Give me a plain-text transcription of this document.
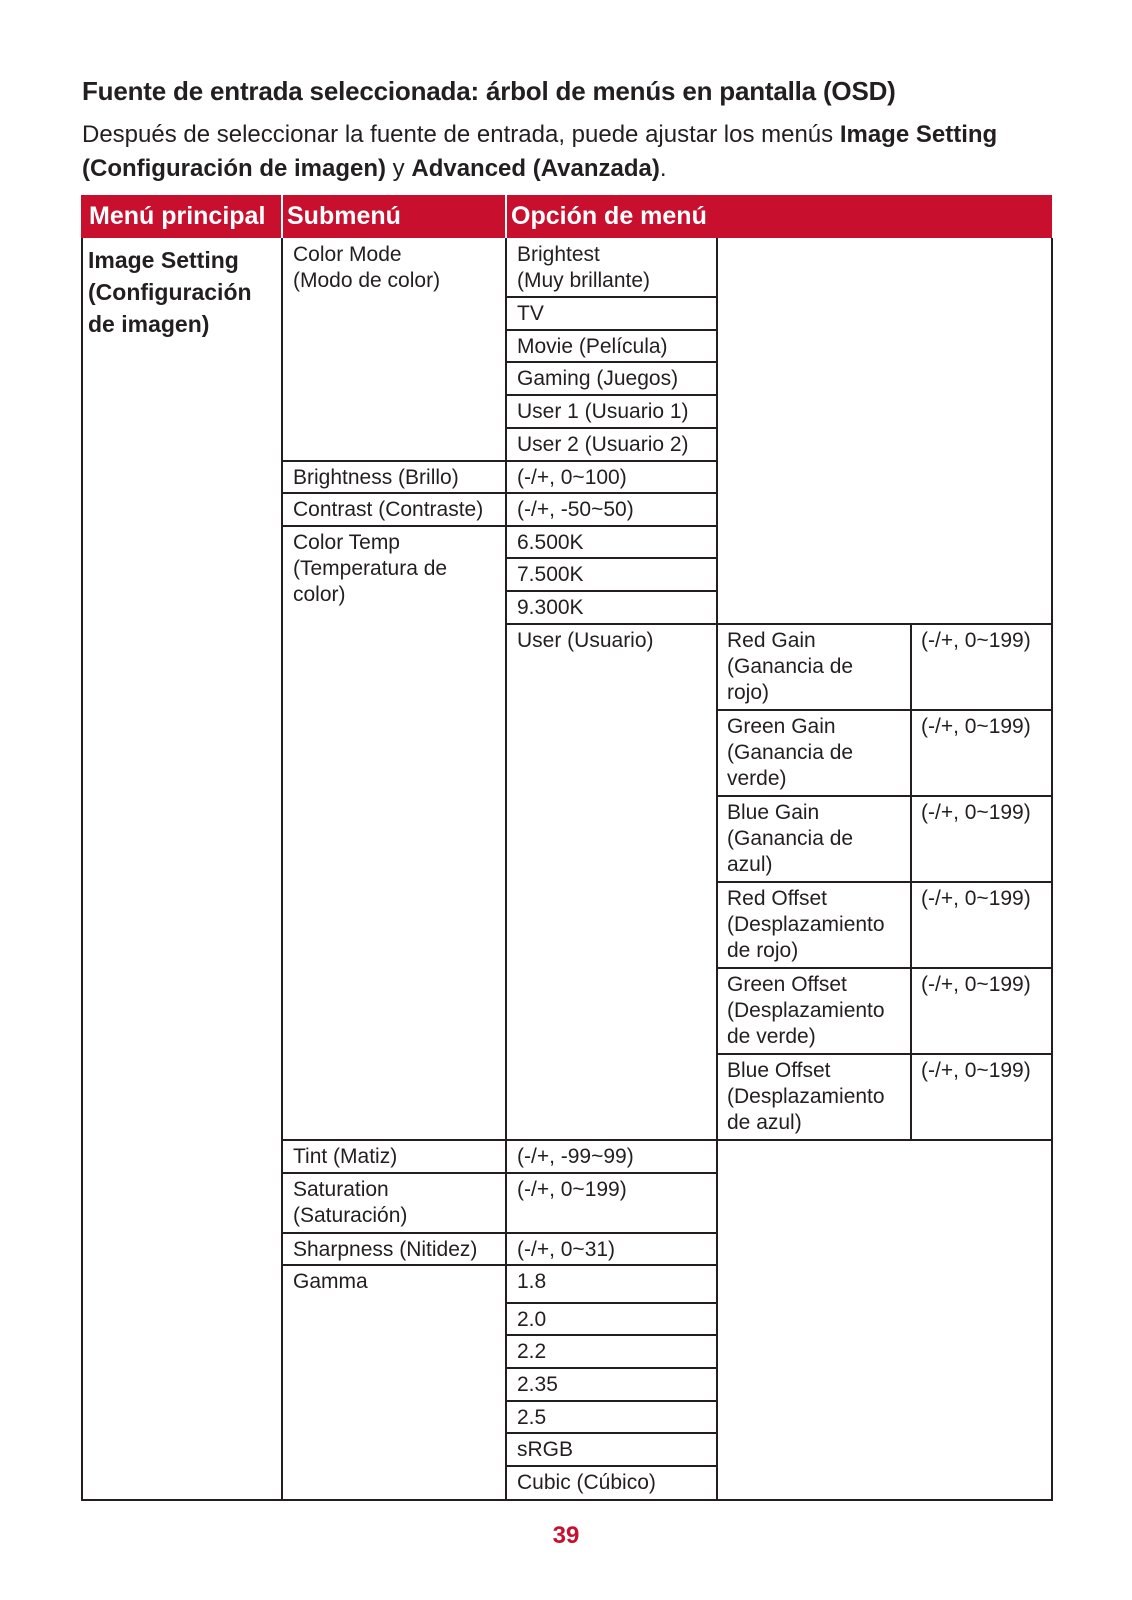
Fuente de entrada seleccionada: árbol de menús en pantalla (OSD)
Después de seleccionar la fuente de entrada, puede ajustar los menús Image Setting (Configuración de imagen) y Advanced (Avanzada).
Menú principal Submenú	Opción de menú
Image Setting
(Configuración
de imagen)
Color Mode
(Modo de color)
Brightness (Brillo)
Contrast (Contraste)
Color Temp
(Temperatura de
color)
Tint (Matiz)
Saturation
(Saturación)
Sharpness (Nitidez)
Gamma
Brightest
(Muy brillante)
TV
Movie (Película)
Gaming (Juegos)
User 1 (Usuario 1)
User 2 (Usuario 2)
(-/+, 0~100)
(-/+, -50~50)
6.500K
7.500K
9.300K
User (Usuario)
(-/+, -99~99)
(-/+, 0~199)
(-/+, 0~31)
1.8
2.0
2.2
2.35
2.5
sRGB
Cubic (Cúbico)
Red Gain
(Ganancia de
rojo)
(-/+, 0~199)
Green Gain
(Ganancia de
verde)
(-/+, 0~199)
Blue Gain
(Ganancia de
azul)
(-/+, 0~199)
Red Offset
(Desplazamiento
de rojo)
(-/+, 0~199)
Green Offset
(Desplazamiento
de verde)
(-/+, 0~199)
Blue Offset
(Desplazamiento
de azul)
(-/+, 0~199)
39
